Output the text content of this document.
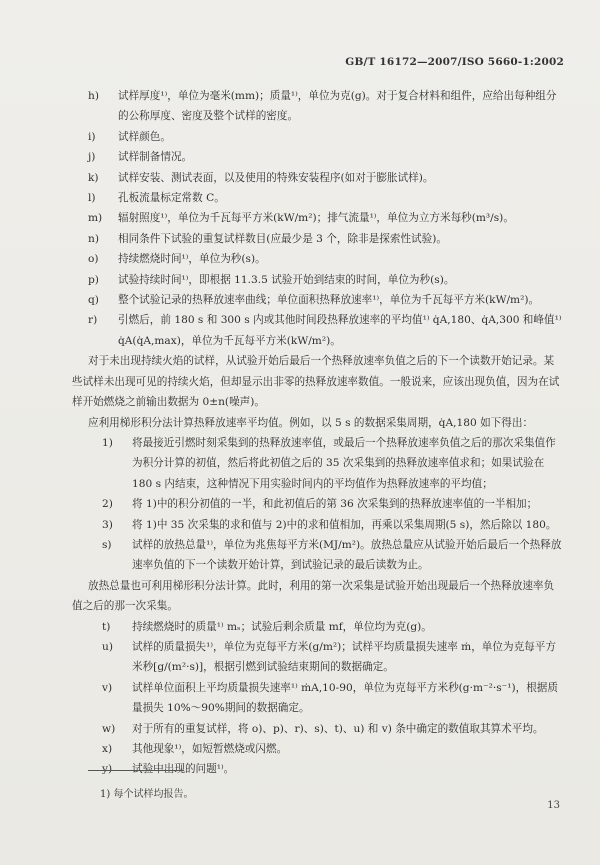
GB/T 16172—2007/ISO 5660-1:2002
h) 试样厚度¹⁾，单位为毫米(mm)；质量¹⁾，单位为克(g)。对于复合材料和组件，应给出每种组分的公称厚度、密度及整个试样的密度。
i) 试样颜色。
j) 试样制备情况。
k) 试样安装、测试表面，以及使用的特殊安装程序(如对于膨胀试样)。
l) 孔板流量标定常数 C。
m) 辐射照度¹⁾，单位为千瓦每平方米(kW/m²)；排气流量¹⁾，单位为立方米每秒(m³/s)。
n) 相同条件下试验的重复试样数目(应最少是 3 个，除非是探索性试验)。
o) 持续燃烧时间¹⁾，单位为秒(s)。
p) 试验持续时间¹⁾，即根据 11.3.5 试验开始到结束的时间，单位为秒(s)。
q) 整个试验记录的热释放速率曲线；单位面积热释放速率¹⁾，单位为千瓦每平方米(kW/m²)。
r) 引燃后，前 180 s 和 300 s 内或其他时间段热释放速率的平均值¹⁾ q̇A,180、q̇A,300 和峰值¹⁾ q̇A(q̇A,max)，单位为千瓦每平方米(kW/m²)。
对于未出现持续火焰的试样，从试验开始后最后一个热释放速率负值之后的下一个读数开始记录。某些试样未出现可见的持续火焰，但却显示出非零的热释放速率数值。一般说来，应该出现负值，因为在试样开始燃烧之前输出数据为 0±n(噪声)。
应利用梯形积分法计算热释放速率平均值。例如，以 5 s 的数据采集周期，q̇A,180 如下得出：
1) 将最接近引燃时刻采集到的热释放速率值，或最后一个热释放速率负值之后的那次采集值作为积分计算的初值，然后将此初值之后的 35 次采集到的热释放速率值求和；如果试验在 180 s 内结束，这种情况下用实验时间内的平均值作为热释放速率的平均值；
2) 将 1)中的积分初值的一半，和此初值后的第 36 次采集到的热释放速率值的一半相加；
3) 将 1)中 35 次采集的求和值与 2)中的求和值相加，再乘以采集周期(5 s)，然后除以 180。
s) 试样的放热总量¹⁾，单位为兆焦每平方米(MJ/m²)。放热总量应从试验开始后最后一个热释放速率负值的下一个读数开始计算，到试验记录的最后读数为止。
放热总量也可利用梯形积分法计算。此时，利用的第一次采集是试验开始出现最后一个热释放速率负值之后的那一次采集。
t) 持续燃烧时的质量¹⁾ mₛ；试验后剩余质量 mf，单位均为克(g)。
u) 试样的质量损失¹⁾，单位为克每平方米(g/m²)；试样平均质量损失速率 ṁ，单位为克每平方米秒[g/(m²·s)]，根据引燃到试验结束期间的数据确定。
v) 试样单位面积上平均质量损失速率¹⁾ ṁA,10-90，单位为克每平方米秒(g·m⁻²·s⁻¹)，根据质量损失 10%～90%期间的数据确定。
w) 对于所有的重复试样，将 o)、p)、r)、s)、t)、u) 和 v) 条中确定的数值取其算术平均。
x) 其他现象¹⁾，如短暂燃烧或闪燃。
y) 试验中出现的问题¹⁾。
1) 每个试样均报告。
13
